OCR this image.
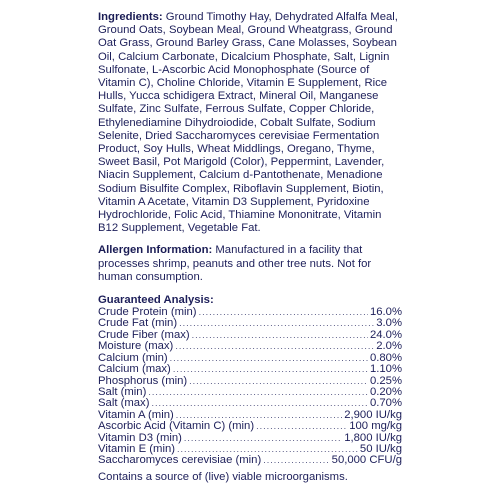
Ingredients: Ground Timothy Hay, Dehydrated Alfalfa Meal, Ground Oats, Soybean Meal, Ground Wheatgrass, Ground Oat Grass, Ground Barley Grass, Cane Molasses, Soybean Oil, Calcium Carbonate, Dicalcium Phosphate, Salt, Lignin Sulfonate, L-Ascorbic Acid Monophosphate (Source of Vitamin C), Choline Chloride, Vitamin E Supplement, Rice Hulls, Yucca schidigera Extract, Mineral Oil, Manganese Sulfate, Zinc Sulfate, Ferrous Sulfate, Copper Chloride, Ethylenediamine Dihydroiodide, Cobalt Sulfate, Sodium Selenite, Dried Saccharomyces cerevisiae Fermentation Product, Soy Hulls, Wheat Middlings, Oregano, Thyme, Sweet Basil, Pot Marigold (Color), Peppermint, Lavender, Niacin Supplement, Calcium d-Pantothenate, Menadione Sodium Bisulfite Complex, Riboflavin Supplement, Biotin, Vitamin A Acetate, Vitamin D3 Supplement, Pyridoxine Hydrochloride, Folic Acid, Thiamine Mononitrate, Vitamin B12 Supplement, Vegetable Fat.

Allergen Information: Manufactured in a facility that processes shrimp, peanuts and other tree nuts. Not for human consumption.

Guaranteed Analysis:
Crude Protein (min) .....	16.0%
Crude Fat (min) .....	3.0%
Crude Fiber (max) .....	24.0%
Moisture (max) .....	2.0%
Calcium (min) .....	0.80%
Calcium (max) .....	1.10%
Phosphorus (min) .....	0.25%
Salt (min) .....	0.20%
Salt (max) .....	0.70%
Vitamin A (min) .....	2,900 IU/kg
Ascorbic Acid (Vitamin C) (min) .....	100 mg/kg
Vitamin D3 (min) .....	1,800 IU/kg
Vitamin E (min) .....	50 IU/kg
Saccharomyces cerevisiae (min) .....	50,000 CFU/g
Contains a source of (live) viable microorganisms.
